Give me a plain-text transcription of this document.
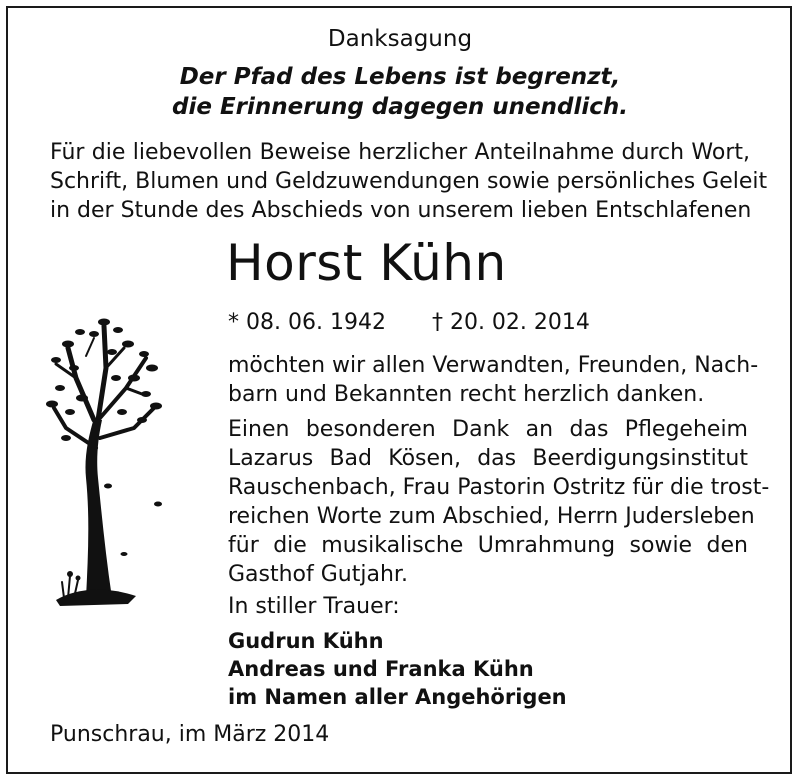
Danksagung
Der Pfad des Lebens ist begrenzt,
die Erinnerung dagegen unendlich.
Für die liebevollen Beweise herzlicher Anteilnahme durch Wort,
Schrift, Blumen und Geldzuwendungen sowie persönliches Geleit
in der Stunde des Abschieds von unserem lieben Entschlafenen
Horst Kühn
* 08. 06. 1942 † 20. 02. 2014

möchten wir allen Verwandten, Freunden, Nach-
barn und Bekannten recht herzlich danken.

Einen besonderen Dank an das Pflegeheim
Lazarus Bad Kösen, das Beerdigungsinstitut
Rauschenbach, Frau Pastorin Ostritz für die trost-
reichen Worte zum Abschied, Herrn Judersleben
für die musikalische Umrahmung sowie den
Gasthof Gutjahr.

In stiller Trauer:
Gudrun Kühn
Andreas und Franka Kühn
im Namen aller Angehörigen
Punschrau, im März 2014
